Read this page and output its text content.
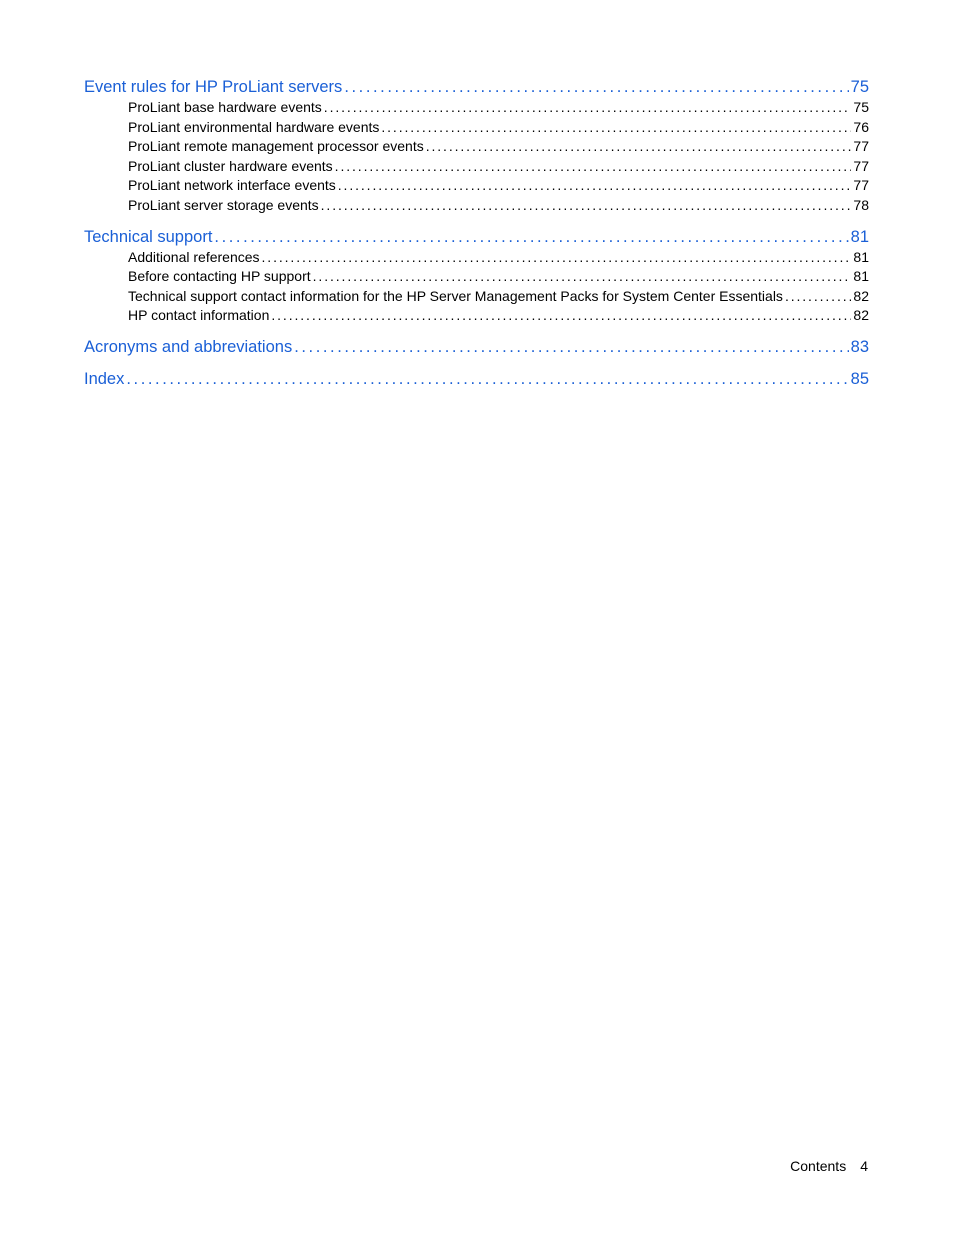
Event rules for HP ProLiant servers . . .	75
ProLiant base hardware events . . .	75
ProLiant environmental hardware events . . .	76
ProLiant remote management processor events . . .	77
ProLiant cluster hardware events . . .	77
ProLiant network interface events . . .	77
ProLiant server storage events . . .	78
Technical support . . .	81
Additional references . . .	81
Before contacting HP support . . .	81
Technical support contact information for the HP Server Management Packs for System Center Essentials . . .	82
HP contact information . . .	82
Acronyms and abbreviations . . .	83
Index . . .	85
Contents 4
